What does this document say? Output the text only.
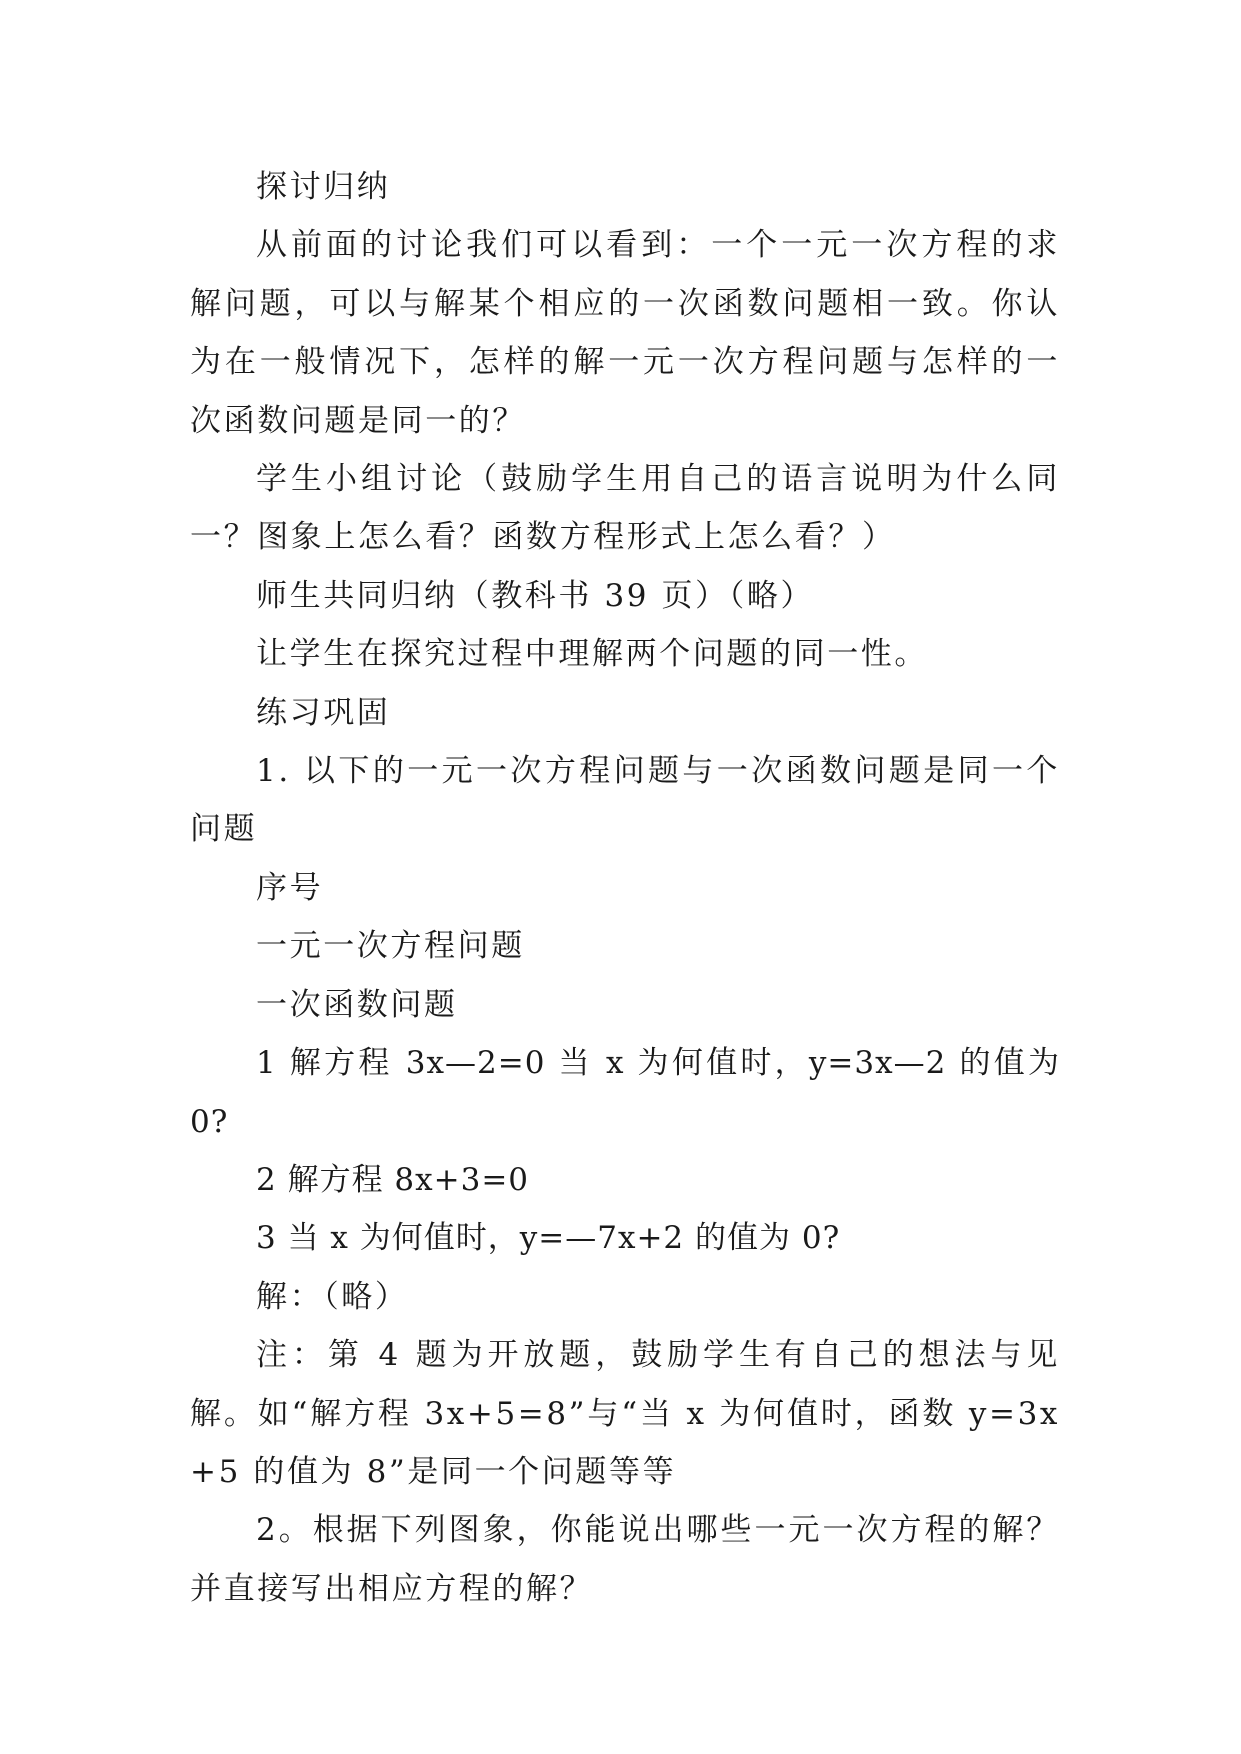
探讨归纳

从前面的讨论我们可以看到：一个一元一次方程的求解问题，可以与解某个相应的一次函数问题相一致。你认为在一般情况下，怎样的解一元一次方程问题与怎样的一次函数问题是同一的？

学生小组讨论（鼓励学生用自己的语言说明为什么同一？图象上怎么看？函数方程形式上怎么看？）

师生共同归纳（教科书 39 页）（略）

让学生在探究过程中理解两个问题的同一性。

练习巩固

1. 以下的一元一次方程问题与一次函数问题是同一个问题

序号

一元一次方程问题

一次函数问题

1 解方程 3x—2=0 当 x 为何值时，y=3x—2 的值为 0?

2 解方程 8x+3=0

3 当 x 为何值时，y=—7x+2 的值为 0?

解：（略）

注：第 4 题为开放题，鼓励学生有自己的想法与见解。如“解方程 3x+5=8”与“当 x 为何值时，函数 y=3x+5 的值为 8”是同一个问题等等

2。根据下列图象，你能说出哪些一元一次方程的解？并直接写出相应方程的解？
